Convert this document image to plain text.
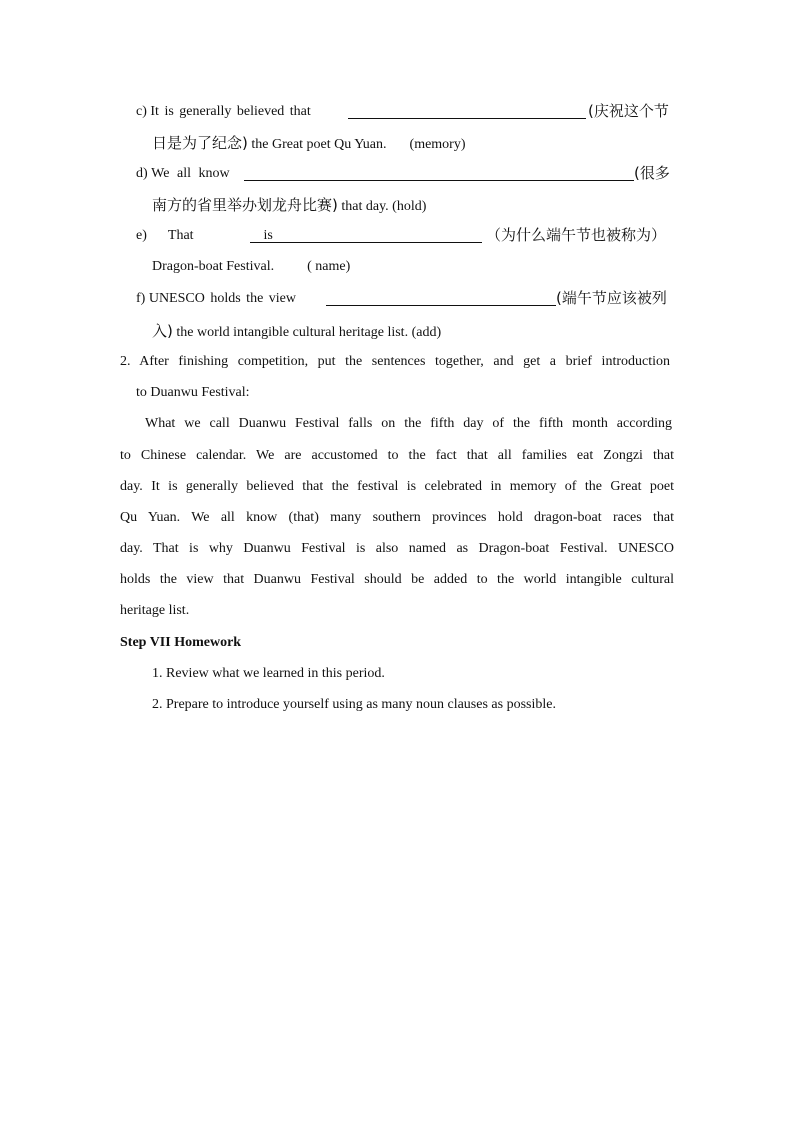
c) It is generally believed that	(庆祝这个节
日是为了纪念) the Great poet Qu Yuan. (memory)
d) We all know	(很多
南方的省里举办划龙舟比赛) that day. (hold)
e) That    is	（为什么端午节也被称为）
Dragon-boat Festival. ( name)
f) UNESCO holds the view	(端午节应该被列
入) the world intangible cultural heritage list. (add)
2. After finishing competition, put the sentences together, and get a brief introduction
to Duanwu Festival:
What we call Duanwu Festival falls on the fifth day of the fifth month according
to Chinese calendar. We are accustomed to the fact that all families eat Zongzi that
day. It is generally believed that the festival is celebrated in memory of the Great poet
Qu Yuan. We all know (that) many southern provinces hold dragon-boat races that
day. That is why Duanwu Festival is also named as Dragon-boat Festival. UNESCO
holds the view that Duanwu Festival should be added to the world intangible cultural
heritage list.
Step VII Homework
1. Review what we learned in this period.
2. Prepare to introduce yourself using as many noun clauses as possible.
